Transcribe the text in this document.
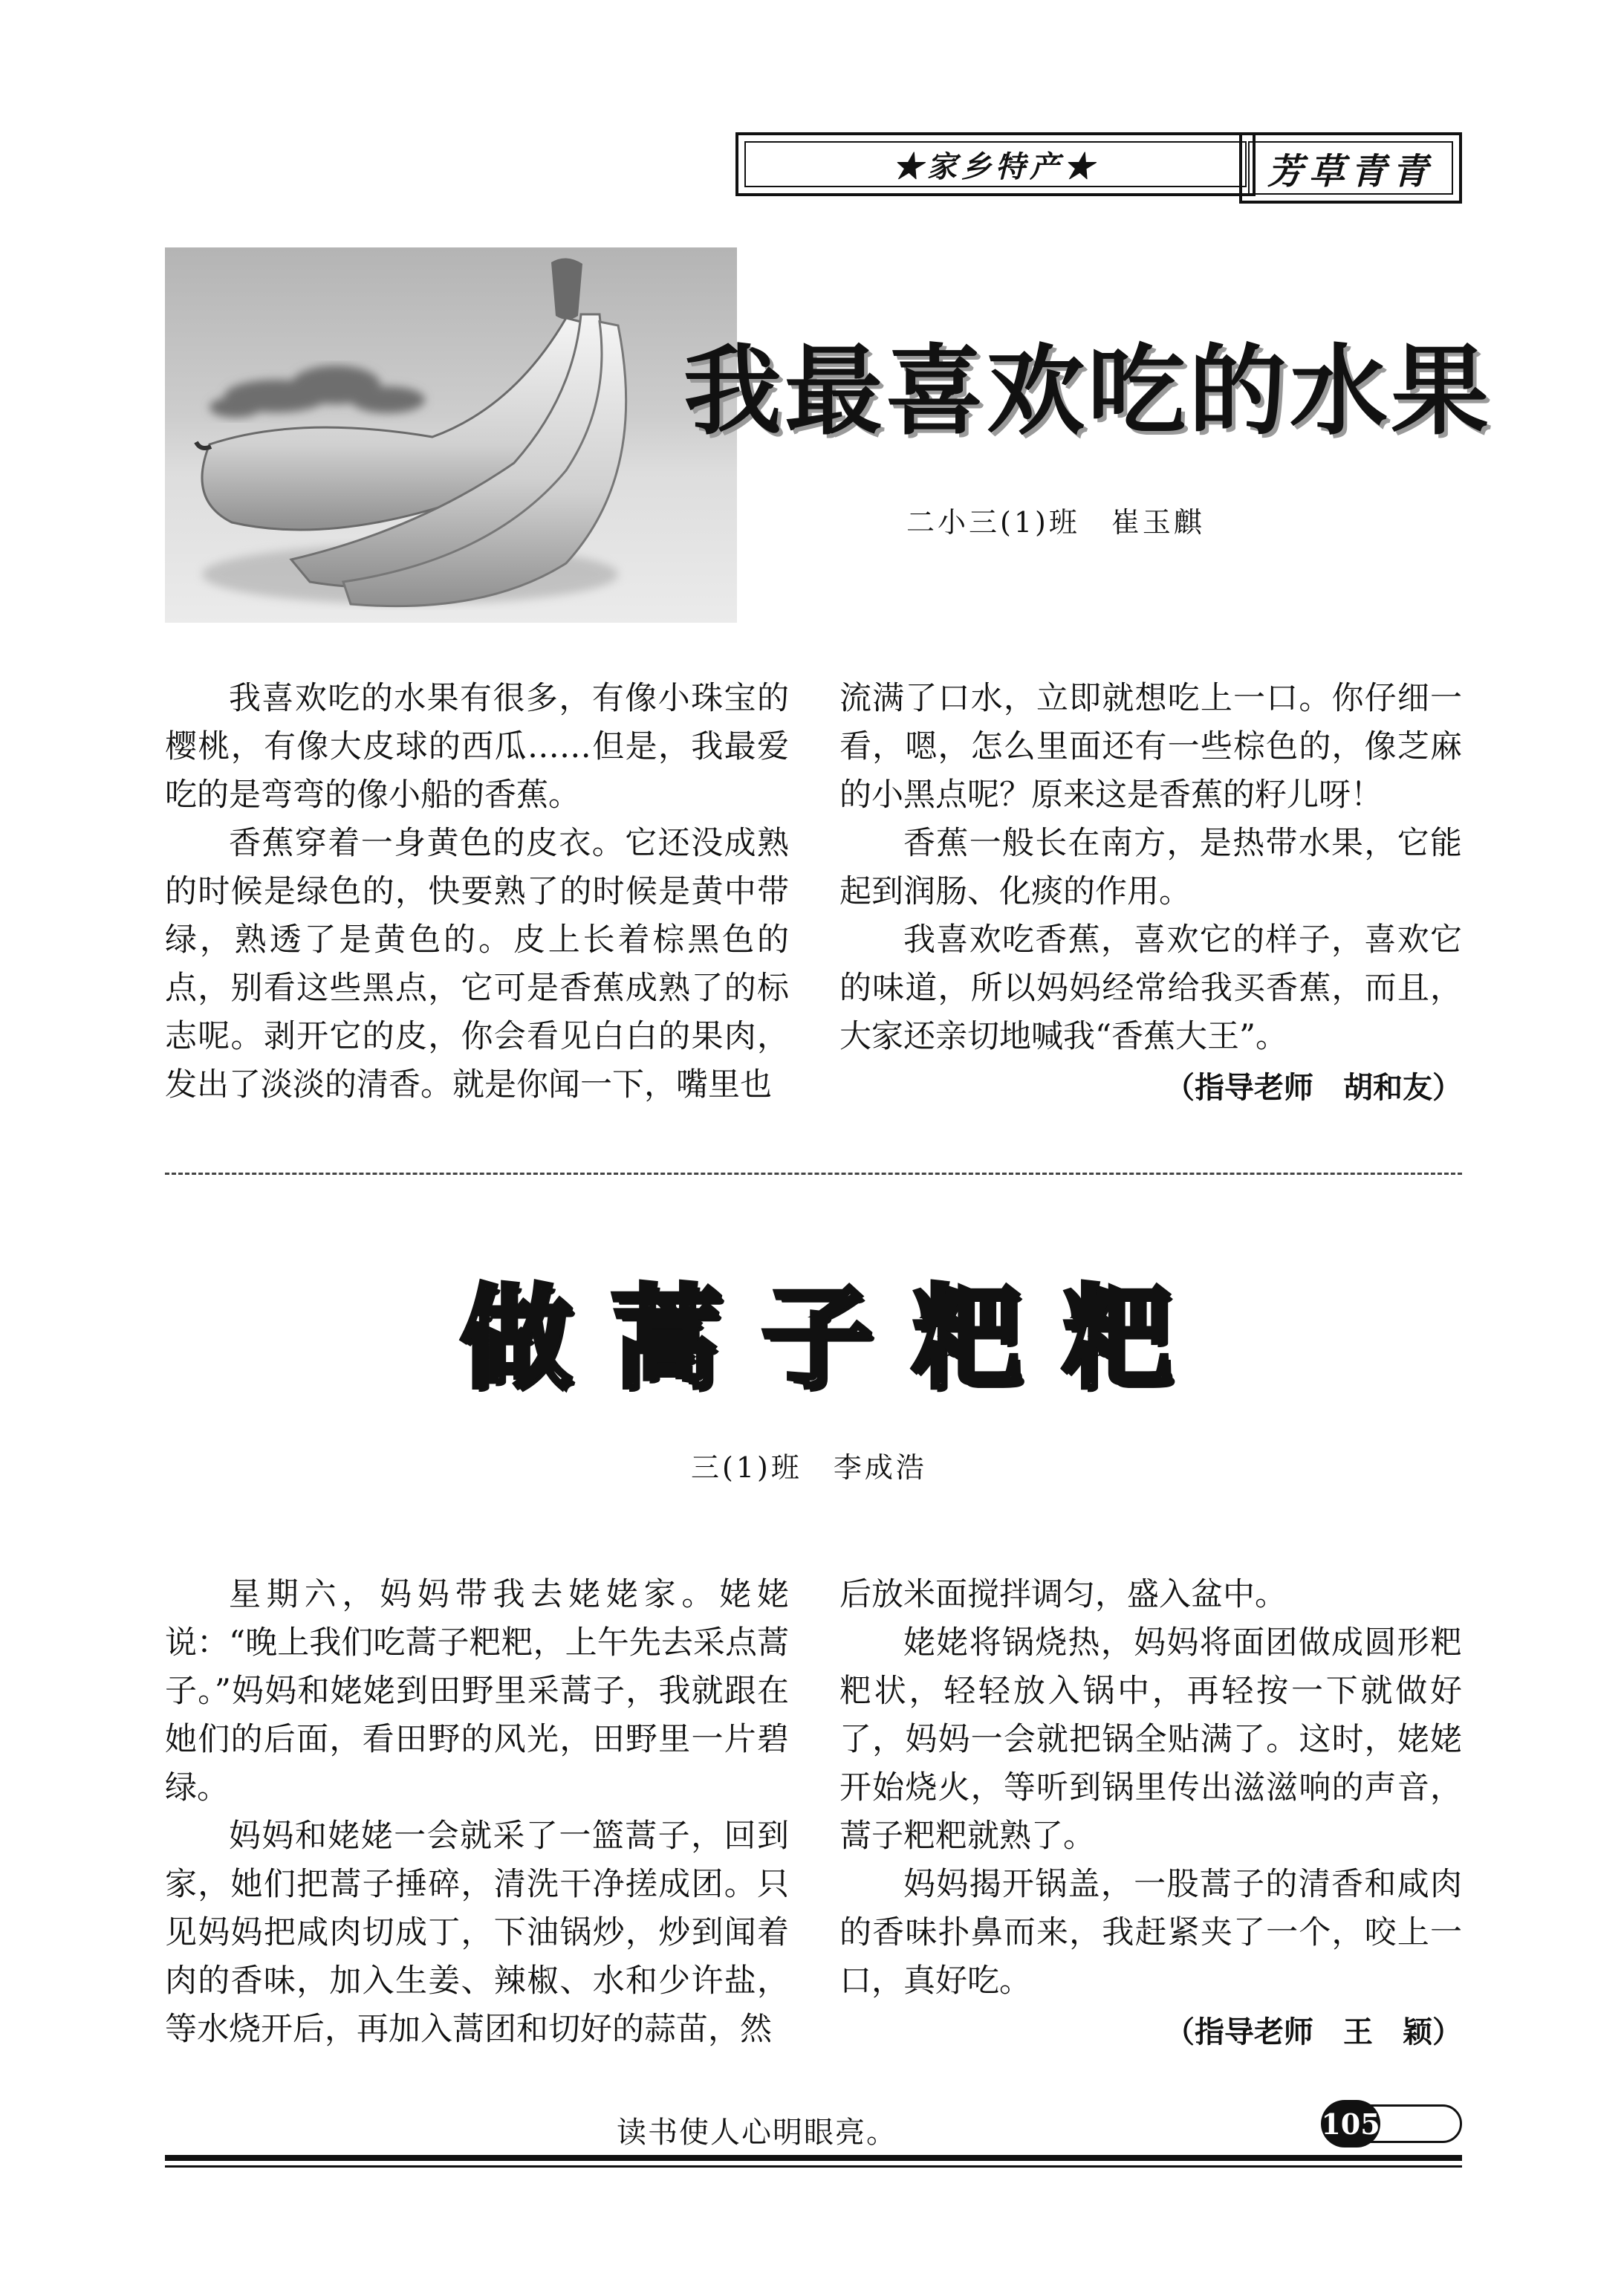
★家乡特产★	芳草青青
我最喜欢吃的水果
二小三(1)班　崔玉麒

我喜欢吃的水果有很多，有像小珠宝的樱桃，有像大皮球的西瓜……但是，我最爱吃的是弯弯的像小船的香蕉。

香蕉穿着一身黄色的皮衣。它还没成熟的时候是绿色的，快要熟了的时候是黄中带绿，熟透了是黄色的。皮上长着棕黑色的点，别看这些黑点，它可是香蕉成熟了的标志呢。剥开它的皮，你会看见白白的果肉，发出了淡淡的清香。就是你闻一下，嘴里也

流满了口水，立即就想吃上一口。你仔细一看，嗯，怎么里面还有一些棕色的，像芝麻的小黑点呢？原来这是香蕉的籽儿呀！

香蕉一般长在南方，是热带水果，它能起到润肠、化痰的作用。

我喜欢吃香蕉，喜欢它的样子，喜欢它的味道，所以妈妈经常给我买香蕉，而且，大家还亲切地喊我“香蕉大王”。

（指导老师　胡和友）
做 蒿 子 粑 粑
三(1)班　李成浩

星期六，妈妈带我去姥姥家。姥姥说：“晚上我们吃蒿子粑粑，上午先去采点蒿子。”妈妈和姥姥到田野里采蒿子，我就跟在她们的后面，看田野的风光，田野里一片碧绿。

妈妈和姥姥一会就采了一篮蒿子，回到家，她们把蒿子捶碎，清洗干净搓成团。只见妈妈把咸肉切成丁，下油锅炒，炒到闻着肉的香味，加入生姜、辣椒、水和少许盐，等水烧开后，再加入蒿团和切好的蒜苗，然

后放米面搅拌调匀，盛入盆中。

姥姥将锅烧热，妈妈将面团做成圆形粑粑状，轻轻放入锅中，再轻按一下就做好了，妈妈一会就把锅全贴满了。这时，姥姥开始烧火，等听到锅里传出滋滋响的声音，蒿子粑粑就熟了。

妈妈揭开锅盖，一股蒿子的清香和咸肉的香味扑鼻而来，我赶紧夹了一个，咬上一口，真好吃。

（指导老师　王　颖）
读书使人心明眼亮。	105
